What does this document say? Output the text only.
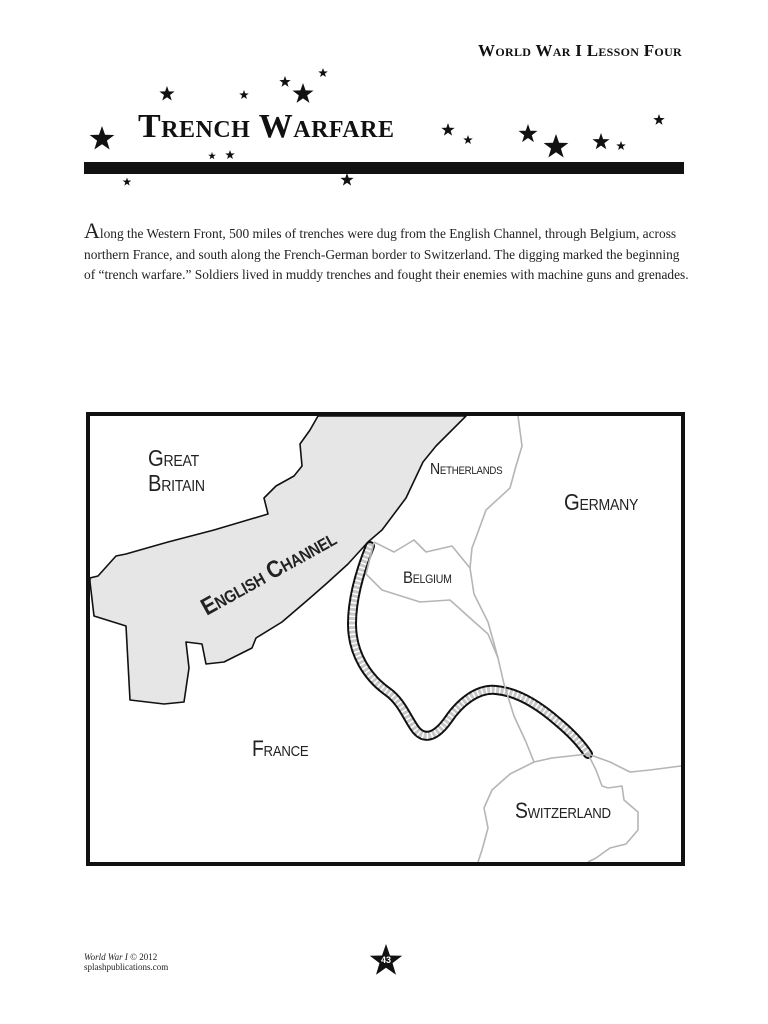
World War I Lesson Four
Trench Warfare

Along the Western Front, 500 miles of trenches were dug from the English Channel, through Belgium, across northern France, and south along the French-German border to Switzerland. The digging marked the beginning of “trench warfare.” Soldiers lived in muddy trenches and fought their enemies with machine guns and grenades.

Great
Britain
Netherlands
Germany
Belgium
English Channel
France
Switzerland
World War I © 2012
splashpublications.com
43
